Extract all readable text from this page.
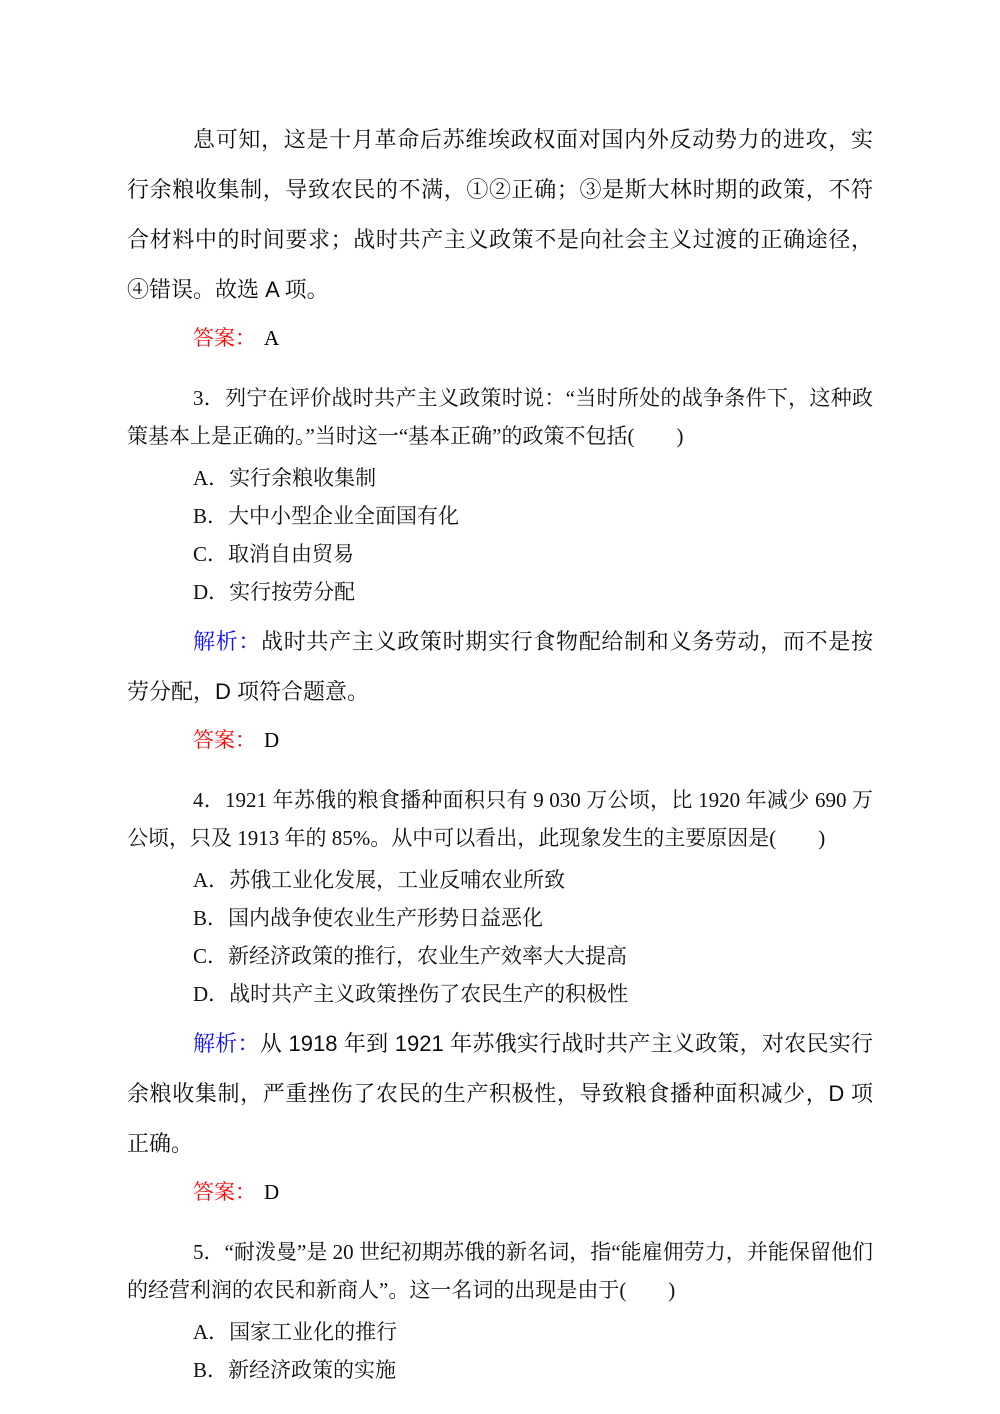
息可知，这是十月革命后苏维埃政权面对国内外反动势力的进攻，实行余粮收集制，导致农民的不满，①②正确；③是斯大林时期的政策，不符合材料中的时间要求；战时共产主义政策不是向社会主义过渡的正确途径，④错误。故选 A 项。

答案： A

3．列宁在评价战时共产主义政策时说：“当时所处的战争条件下，这种政策基本上是正确的。”当时这一“基本正确”的政策不包括(　　)

A．实行余粮收集制

B．大中小型企业全面国有化

C．取消自由贸易

D．实行按劳分配

解析：战时共产主义政策时期实行食物配给制和义务劳动，而不是按劳分配，D 项符合题意。

答案： D

4．1921 年苏俄的粮食播种面积只有 9 030 万公顷，比 1920 年减少 690 万公顷，只及 1913 年的 85%。从中可以看出，此现象发生的主要原因是(　　)

A．苏俄工业化发展，工业反哺农业所致

B．国内战争使农业生产形势日益恶化

C．新经济政策的推行，农业生产效率大大提高

D．战时共产主义政策挫伤了农民生产的积极性

解析：从 1918 年到 1921 年苏俄实行战时共产主义政策，对农民实行余粮收集制，严重挫伤了农民的生产积极性，导致粮食播种面积减少，D 项正确。

答案： D

5．“耐泼曼”是 20 世纪初期苏俄的新名词，指“能雇佣劳力，并能保留他们的经营利润的农民和新商人”。这一名词的出现是由于(　　)

A．国家工业化的推行

B．新经济政策的实施
